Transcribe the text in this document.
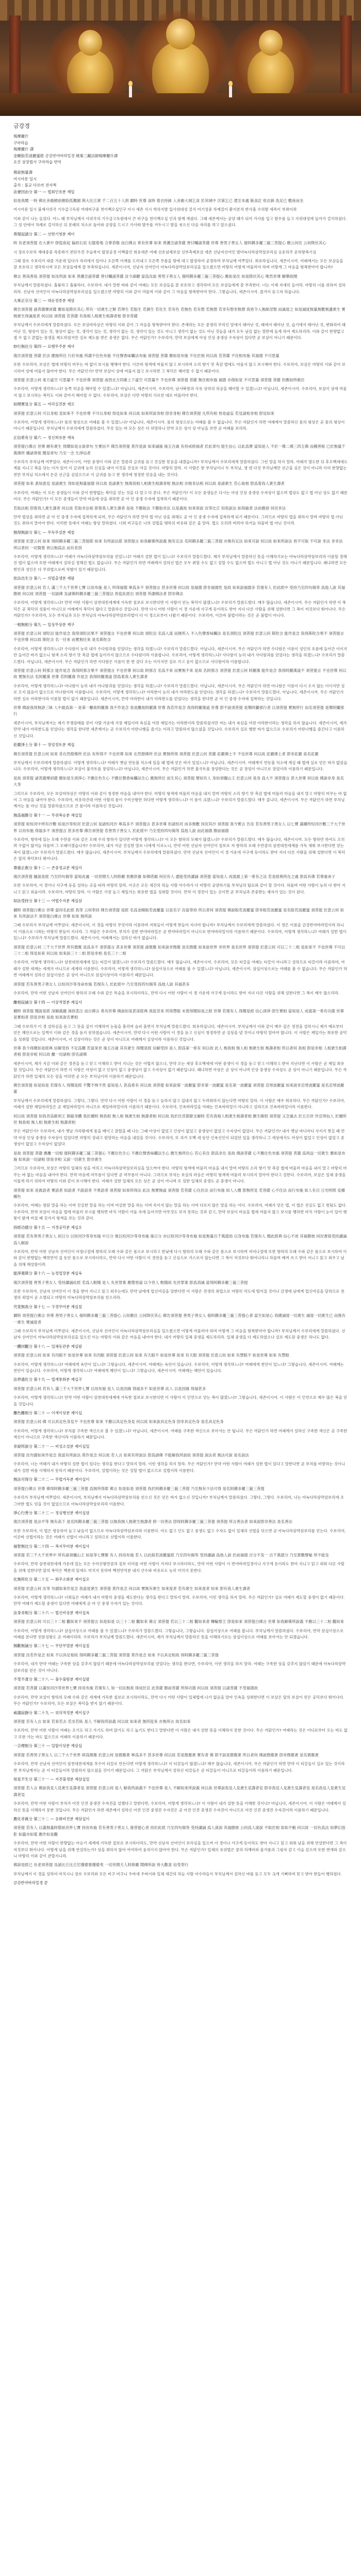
금강경
鳩摩羅什
구마라습
鳩摩羅什 譯
金剛般若波羅蜜經 금강반야바라밀경 姚秦三藏法師鳩摩羅什譯
요진 삼장법사 구마라습 번역
佛說無量壽
여시아문 일시
출처 : 불교 다르마 전자책

法會因由分 第一 — 법회인유분 제일

如是我聞 一時 佛在舍衛國祇樹給孤獨園 與大比丘衆 千二百五十人俱 爾時 世尊 食時 着衣持鉢 入舍衛大城乞食 於其城中 次第乞已 還至本處 飯食訖 收衣鉢 洗足已 敷座而坐

여시아문 일시 불재사위국 기수급고독원 여대비구중 천이백오십인구 이시 세존 식시 착의지발 입사위대성 걸식 어기성중 차제걸이 환지본처 반사흘 수의발 세족이 부좌이좌

이와 같이 나는 들었다. 어느 때 부처님께서 사위국의 기수급고독원에서 큰 비구들 천이백오십 인과 함께 계셨다. 그때 세존께서는 공양 때가 되어 가사를 입고 발우를 들고 사위대성에 들어가 걸식하셨다. 그 성 안에서 차례로 걸식하신 뒤 본래의 처소로 돌아와 공양을 드시고 가사와 발우를 거두시고 발을 씻으신 다음 자리를 펴고 앉으셨다.

善現起請分 第二 — 선현기청분 제이

時 長老須菩提 在大衆中 卽從座起 偏袒右肩 右膝着地 合掌恭敬 而白佛言 希有世尊 如來 善護念諸菩薩 善付囑諸菩薩 世尊 善男子善女人 發阿耨多羅三藐三菩提心 應云何住 云何降伏其心

시 장로수보리 재대중중 즉종좌기 편단우견 우슬착지 합장공경 이백불언 희유세존 여래 선호념제보살 선부촉제보살 세존 선남자선여인 발아뇩다라삼먁삼보리심 응운하주 운하항복기심

그때 장로 수보리가 대중 가운데 있다가 자리에서 일어나 오른쪽 어깨를 드러내고 오른쪽 무릎을 땅에 대고 합장하여 공경하며 부처님께 여쭈었다. 희유하십니다, 세존이시여. 여래께서는 모든 보살들을 잘 보호하고 생각하시며 모든 보살들에게 잘 부촉하십니다. 세존이시여, 선남자 선여인이 아뇩다라삼먁삼보리심을 일으켰으면 마땅히 어떻게 머물러야 하며 어떻게 그 마음을 항복받아야 합니까?

佛言 善哉善哉 須菩提 如汝所說 如來 善護念諸菩薩 善付囑諸菩薩 汝今諦聽 當爲汝說 善男子善女人 發阿耨多羅三藐三菩提心 應如是住 如是降伏其心 唯然世尊 願樂欲聞

부처님께서 말씀하셨다. 훌륭하고 훌륭하다, 수보리야. 네가 말한 바와 같이 여래는 모든 보살들을 잘 보호하고 생각하며 모든 보살들에게 잘 부촉한다. 너는 이제 자세히 들어라. 마땅히 너를 위하여 설하리라. 선남자 선여인이 아뇩다라삼먁삼보리심을 일으켰으면 마땅히 이와 같이 머물며 이와 같이 그 마음을 항복받아야 한다. 그렇습니다, 세존이시여. 즐거이 듣고자 하옵니다.

大乘正宗分 第三 — 대승정종분 제삼

佛告須菩提 諸菩薩摩訶薩 應如是降伏其心 所有一切衆生之類 若卵生 若胎生 若濕生 若化生 若有色 若無色 若有想 若無想 若非有想非無想 我皆令入無餘涅槃 而滅度之 如是滅度無量無數無邊衆生 實無衆生得滅度者 何以故 須菩提 若菩薩 有我相人相衆生相壽者相 卽非菩薩

부처님께서 수보리에게 말씀하셨다. 모든 보살마하살은 마땅히 이와 같이 그 마음을 항복받아야 한다. 존재하는 모든 중생의 무리인 알에서 태어난 것, 태에서 태어난 것, 습기에서 태어난 것, 변화하여 태어난 것, 형상이 있는 것, 형상이 없는 것, 생각이 있는 것, 생각이 없는 것, 생각이 있는 것도 아니고 생각이 없는 것도 아닌 것들을 내가 모두 남김 없는 열반에 들게 하여 제도하리라. 이와 같이 한량없고 셀 수 없고 끝없는 중생을 제도하였지만 실로 제도를 받은 중생은 없다. 무슨 까닭인가? 수보리야, 만약 보살에게 아상 인상 중생상 수자상이 있다면 곧 보살이 아니기 때문이다.

妙行無住分 第四 — 묘행무주분 제사

復次須菩提 菩薩 於法 應無所住 行於布施 所謂不住色布施 不住聲香味觸法布施 須菩提 菩薩 應如是布施 不住於相 何以故 若菩薩 不住相布施 其福德 不可思量

또한 수보리야, 보살은 법에 마땅히 머무는 바 없이 보시를 행해야 한다. 이른바 형색에 머물지 않고 보시하며 소리 향기 맛 촉감 법에도 머물지 않고 보시해야 한다. 수보리야, 보살은 마땅히 이와 같이 보시하여 상에 머물지 않아야 한다. 무슨 까닭인가? 만약 보살이 상에 머물지 않고 보시하면 그 복덕은 헤아릴 수 없기 때문이다.

須菩提 於意云何 東方虛空 可思量不 不也世尊 須菩提 南西北方四維上下虛空 可思量不 不也世尊 須菩提 菩薩 無住相布施 福德 亦復如是 不可思量 須菩提 菩薩 但應如所敎住

수보리야, 어떻게 생각하느냐? 동쪽 허공을 헤아릴 수 있겠느냐? 아닙니다, 세존이시여. 수보리야, 남서북방과 사유 상하의 허공을 헤아릴 수 있겠느냐? 아닙니다, 세존이시여. 수보리야, 보살이 상에 머물지 않고 보시하는 복덕도 이와 같아서 헤아릴 수 없다. 수보리야, 보살은 다만 마땅히 가르친 대로 머물러야 한다.

如理實見分 第五 — 여리실견분 제오

須菩提 於意云何 可以身相 見如來不 不也世尊 不可以身相 得見如來 何以故 如來所說身相 卽非身相 佛告須菩提 凡所有相 皆是虛妄 若見諸相非相 卽見如來

수보리야, 어떻게 생각하느냐? 몸의 형상으로 여래를 볼 수 있겠느냐? 아닙니다, 세존이시여. 몸의 형상으로는 여래를 볼 수 없습니다. 무슨 까닭인가 하면 여래께서 말씀하신 몸의 형상은 곧 몸의 형상이 아니기 때문입니다. 부처님께서 수보리에게 말씀하셨다. 무릇 있는 바 모든 상은 다 허망하니 만약 모든 상이 상 아님을 보면 곧 여래를 보리라.

正信希有分 第六 — 정신희유분 제육

須菩提白佛言 世尊 頗有衆生 得聞如是言說章句 生實信不 佛告須菩提 莫作是說 如來滅後 後五百歲 有持戒修福者 於此章句 能生信心 以此爲實 當知是人 不於一佛二佛三四五佛 而種善根 已於無量千萬佛所 種諸善根 聞是章句 乃至一念 生淨信者

수보리가 부처님께 여쭈었다. 세존이시여, 어떤 중생이 이와 같은 말씀과 글귀를 듣고 진실한 믿음을 내겠습니까? 부처님께서 수보리에게 말씀하셨다. 그런 말을 하지 말라. 여래가 멸도한 뒤 후오백세에도 계를 지니고 복을 닦는 이가 있어 이 글귀에 능히 신심을 내어 이것을 진실로 여길 것이다. 마땅히 알라. 이 사람은 한 부처님이나 두 부처님, 셋 넷 다섯 부처님께만 선근을 심은 것이 아니라 이미 한량없는 천만 부처님 처소에서 온갖 선근을 심었으므로 이 글귀를 듣고 한 생각에 청정한 믿음을 내는 것이다.

須菩提 如來 悉知悉見 是諸衆生 得如是無量福德 何以故 是諸衆生 無復我相人相衆生相壽者相 無法相 亦無非法相 何以故 是諸衆生 若心取相 卽爲着我人衆生壽者

수보리야, 여래는 이 모든 중생들이 이와 같이 한량없는 복덕을 얻는 것을 다 알고 다 본다. 무슨 까닭인가? 이 모든 중생들은 다시는 아상 인상 중생상 수자상이 없으며 법상도 없고 법 아닌 상도 없기 때문이다. 무슨 까닭인가? 이 모든 중생들이 만약 마음에 상을 취하면 곧 아 인 중생 수자에 집착하기 때문이다.

若取法相 卽着我人衆生壽者 何以故 若取非法相 卽着我人衆生壽者 是故 不應取法 不應取非法 以是義故 如來常說 汝等比丘 知我說法 如筏喩者 法尙應捨 何況非法

만약 법상을 취하면 곧 아 인 중생 수자에 집착하게 되며, 무슨 까닭인가 하면 만약 법 아닌 상을 취해도 곧 아 인 중생 수자에 집착하게 되기 때문이다. 그러므로 마땅히 법을 취하지 말며 마땅히 법 아닌 것도 취하지 말아야 한다. 이러한 뜻에서 여래는 항상 말하였다. 너희 비구들은 나의 설법을 뗏목의 비유와 같은 줄 알라. 법도 오히려 버려야 하거늘 하물며 법 아닌 것이랴.

無得無說分 第七 — 무득무설분 제칠

須菩提 於意云何 如來 得阿耨多羅三藐三菩提耶 如來 有所說法耶 須菩提言 如我解佛所說義 無有定法 名阿耨多羅三藐三菩提 亦無有定法 如來可說 何以故 如來所說法 皆不可取 不可說 非法 非非法 所以者何 一切賢聖 皆以無爲法 而有差別

수보리야, 어떻게 생각하느냐? 여래가 아뇩다라삼먁삼보리를 얻었느냐? 여래가 설한 법이 있느냐? 수보리가 말씀드렸다. 제가 부처님께서 말씀하신 뜻을 이해하기로는 아뇩다라삼먁삼보리라 이름할 정해진 법이 없으며 또한 여래께서 설하실 정해진 법도 없습니다. 무슨 까닭인가 하면 여래께서 설하신 법은 모두 취할 수도 없고 설할 수도 없으며 법도 아니고 법 아닌 것도 아니기 때문입니다. 왜냐하면 모든 현인과 성인은 다 무위법으로써 차별이 있기 때문입니다.

依法出生分 第八 — 의법출생분 제팔

須菩提 於意云何 若人 滿三千大千世界七寶 以用布施 是人 所得福德 寧爲多不 須菩提言 甚多世尊 何以故 是福德 卽非福德性 是故 如來說福德多 若復有人 於此經中 受持乃至四句偈等 爲他人說 其福勝彼 何以故 須菩提 一切諸佛 及諸佛阿耨多羅三藐三菩提法 皆從此經出 須菩提 所謂佛法者 卽非佛法

수보리야, 어떻게 생각하느냐? 만약 어떤 사람이 삼천대천세계에 가득한 칠보로 보시한다면 이 사람이 얻는 복덕이 많겠느냐? 수보리가 말씀드렸다. 매우 많습니다, 세존이시여. 무슨 까닭인가 하면 이 복덕은 곧 복덕의 성품이 아니므로 여래께서 복덕이 많다고 말씀하신 것입니다. 만약 다시 어떤 사람이 이 경 가운데 사구게 등이라도 받아 지녀 다른 사람을 위해 설한다면 그 복이 저것보다 뛰어나다. 무슨 까닭인가? 수보리야, 모든 부처님과 모든 부처님의 아뇩다라삼먁삼보리법이 다 이 경으로부터 나왔기 때문이다. 수보리야, 이른바 불법이라는 것은 곧 불법이 아니다.

一相無相分 第九 — 일상무상분 제구

須菩提 於意云何 須陀洹 能作是念 我得須陀洹果不 須菩提言 不也世尊 何以故 須陀洹 名爲入流 而無所入 不入色聲香味觸法 是名須陀洹 須菩提 於意云何 斯陀含 能作是念 我得斯陀含果不 須菩提言 不也世尊 何以故 斯陀含 名一往來 而實無往來 是名斯陀含

수보리야, 어떻게 생각하느냐? 수다원이 능히 내가 수다원과를 얻었다는 생각을 하겠느냐? 수보리가 말씀드렸다. 아닙니다, 세존이시여. 무슨 까닭인가 하면 수다원은 이름이 성인의 흐름에 들어간 이이지만 들어간 바가 없으니 형색 소리 향기 맛 촉감 법에 들어가지 않으므로 수다원이라 이름합니다. 수보리야, 어떻게 생각하느냐? 사다함이 능히 내가 사다함과를 얻었다는 생각을 하겠느냐? 수보리가 말씀드렸다. 아닙니다, 세존이시여. 무슨 까닭인가 하면 사다함은 이름이 한 번 갔다 오는 이이지만 실로 가고 옴이 없으므로 사다함이라 이름합니다.

須菩提 於意云何 阿那含 能作是念 我得阿那含果不 須菩提言 不也世尊 何以故 阿那含 名爲不來 而實無不來 是故 名阿那含 須菩提 於意云何 阿羅漢 能作是念 我得阿羅漢道不 須菩提言 不也世尊 何以故 實無有法 名阿羅漢 世尊 若阿羅漢 作是念 我得阿羅漢道 卽爲着我人衆生壽者

수보리야, 어떻게 생각하느냐? 아나함이 능히 내가 아나함과를 얻었다는 생각을 하겠느냐? 수보리가 말씀드렸다. 아닙니다, 세존이시여. 무슨 까닭인가 하면 아나함은 이름이 다시 오지 않는 이이지만 실로 오지 않음이 없으므로 아나함이라 이름합니다. 수보리야, 어떻게 생각하느냐? 아라한이 능히 내가 아라한도를 얻었다는 생각을 하겠느냐? 수보리가 말씀드렸다. 아닙니다, 세존이시여. 무슨 까닭인가 하면 실로 아라한이라 이름할 법이 없기 때문입니다. 세존이시여, 만약 아라한이 내가 아라한도를 얻었다는 생각을 한다면 곧 아 인 중생 수자에 집착하는 것입니다.

世尊 佛說我得無諍三昧 人中最爲第一 是第一離欲阿羅漢 我不作是念 我是離欲阿羅漢 世尊 我若作是念 我得阿羅漢道 世尊 卽不說須菩提 是樂阿蘭那行者 以須菩提 實無所行 而名須菩提 是樂阿蘭那行

세존이시여, 부처님께서는 제가 무쟁삼매를 얻어 사람 가운데 가장 제일이며 욕심을 여읜 제일가는 아라한이라 말씀하셨지만 저는 내가 욕심을 여읜 아라한이라는 생각을 하지 않습니다. 세존이시여, 제가 만약 내가 아라한도를 얻었다는 생각을 한다면 세존께서는 곧 수보리가 아란나행을 즐기는 이라고 말씀하지 않으셨을 것입니다. 수보리가 실로 행한 바가 없으므로 수보리가 아란나행을 즐긴다고 이름하신 것입니다.

莊嚴淨土分 第十 — 장엄정토분 제십

佛告須菩提 於意云何 如來 昔在然燈佛所 於法 有所得不 不也世尊 如來 在然燈佛所 於法 實無所得 須菩提 於意云何 菩薩 莊嚴佛土不 不也世尊 何以故 莊嚴佛土者 卽非莊嚴 是名莊嚴

부처님께서 수보리에게 말씀하셨다. 어떻게 생각하느냐? 여래가 옛날 연등불 처소에 있을 때 법에 얻은 바가 있었느냐? 아닙니다, 세존이시여. 여래께서 연등불 처소에 계실 때 법에 실로 얻은 바가 없었습니다. 수보리야, 어떻게 생각하느냐? 보살이 불국토를 장엄하느냐? 아닙니다, 세존이시여. 무슨 까닭인가 하면 불국토를 장엄한다는 것은 곧 장엄이 아니므로 장엄이라 이름하기 때문입니다.

是故 須菩提 諸菩薩摩訶薩 應如是生淸淨心 不應住色生心 不應住聲香味觸法生心 應無所住 而生其心 須菩提 譬如有人 身如須彌山王 於意云何 是身 爲大不 須菩提言 甚大世尊 何以故 佛說非身 是名大身

그러므로 수보리야, 모든 보살마하살은 마땅히 이와 같이 청정한 마음을 내어야 한다. 마땅히 형색에 머물러 마음을 내지 말며 마땅히 소리 향기 맛 촉감 법에 머물러 마음을 내지 말고 마땅히 머무는 바 없이 그 마음을 내어야 한다. 수보리야, 비유하건대 어떤 사람의 몸이 수미산왕만 하다면 어떻게 생각하느냐? 이 몸이 크겠느냐? 수보리가 말씀드렸다. 매우 큽니다, 세존이시여. 무슨 까닭인가 하면 부처님께서는 몸 아닌 것을 말씀하셨으므로 큰 몸이라 이름하신 것입니다.

無爲福勝分 第十一 — 무위복승분 제십일

須菩提 如恒河中所有沙數 如是沙等恒河 於意云何 是諸恒河沙 寧爲多不 須菩提言 甚多世尊 但諸恒河 尙多無數 何況其沙 須菩提 我今實言 告汝 若有善男子善女人 以七寶 滿爾所恒河沙數三千大千世界 以用布施 得福多不 須菩提言 甚多世尊 佛告須菩提 若善男子善女人 於此經中 乃至受持四句偈等 爲他人說 而此福德 勝前福德

수보리야, 항하에 있는 모래 수만큼 이와 같은 모래 수의 항하가 있다면 어떻게 생각하느냐? 이 모든 항하의 모래가 많겠느냐? 수보리가 말씀드렸다. 매우 많습니다, 세존이시여. 모든 항하만 하여도 오히려 수없이 많거늘 하물며 그 모래이겠습니까? 수보리야, 내가 지금 진실한 말로 너에게 이르노니, 만약 어떤 선남자 선여인이 칠보로 저 항하의 모래 수만큼의 삼천대천세계를 가득 채워 보시한다면 얻는 복이 많겠느냐? 수보리가 말씀드렸다. 매우 많습니다, 세존이시여. 부처님께서 수보리에게 말씀하셨다. 만약 선남자 선여인이 이 경 가운데 사구게 등이라도 받아 지녀 다른 사람을 위해 설한다면 이 복덕은 앞의 복덕보다 뛰어나다.

尊重正敎分 第十二 — 존중정교분 제십이

復次須菩提 隨說是經 乃至四句偈等 當知此處 一切世間天人阿修羅 皆應供養 如佛塔廟 何況有人 盡能受持讀誦 須菩提 當知是人 成就最上第一希有之法 若是經典所在之處 卽爲有佛 若尊重弟子

또한 수보리야, 이 경이나 사구게 등을 설하는 곳을 따라 마땅히 알라. 이곳은 모든 세간의 하늘 사람 아수라가 다 마땅히 공양하기를 부처님의 탑묘와 같이 할 것이다. 하물며 어떤 사람이 능히 다 받아 지니고 읽고 외움이랴. 수보리야, 마땅히 알라. 이 사람은 가장 높고 제일가는 희유한 법을 성취할 것이다. 만약 이 경전이 있는 곳이면 곧 부처님과 존중받는 제자가 있는 것이 된다.

如法受持分 第十三 — 여법수지분 제십삼

爾時 須菩提白佛言 世尊 當何名此經 我等 云何奉持 佛告須菩提 是經 名爲金剛般若波羅蜜 以是名字 汝當奉持 所以者何 須菩提 佛說般若波羅蜜 卽非般若波羅蜜 是名般若波羅蜜 須菩提 於意云何 如來 有所說法不 須菩提白佛言 世尊 如來 無所說

그때 수보리가 부처님께 여쭈었다. 세존이시여, 이 경을 마땅히 무엇이라 이름하며 저희들이 어떻게 받들어 지녀야 합니까? 부처님께서 수보리에게 말씀하셨다. 이 경은 이름을 금강반야바라밀이라 하니 이 이름으로 너희는 마땅히 받들어 지녀라. 그 까닭은 수보리야, 부처가 설한 반야바라밀은 곧 반야바라밀이 아니므로 반야바라밀이라 이름하기 때문이다. 수보리야, 어떻게 생각하느냐? 여래가 설한 법이 있느냐? 수보리가 부처님께 말씀드렸다. 세존이시여, 여래께서는 설하신 바가 없습니다.

須菩提 於意云何 三千大千世界 所有微塵 是爲多不 須菩提言 甚多世尊 須菩提 諸微塵 如來說非微塵 是名微塵 如來說世界 非世界 是名世界 須菩提 於意云何 可以三十二相 見如來不 不也世尊 不可以三十二相 得見如來 何以故 如來說三十二相 卽是非相 是名三十二相

수보리야, 어떻게 생각하느냐? 삼천대천세계에 있는 티끌이 많겠느냐? 수보리가 말씀드렸다. 매우 많습니다, 세존이시여. 수보리야, 모든 티끌을 여래는 티끌이 아니라고 설하므로 티끌이라 이름하며, 여래가 설한 세계는 세계가 아니므로 세계라 이름한다. 수보리야, 어떻게 생각하느냐? 삼십이상으로 여래를 볼 수 있겠느냐? 아닙니다, 세존이시여. 삼십이상으로는 여래를 볼 수 없습니다. 무슨 까닭인가 하면 여래께서 설하신 삼십이상은 곧 상이 아니므로 삼십이상이라 이름하기 때문입니다.

須菩提 若有善男子善女人 以恒河沙等身命布施 若復有人 於此經中 乃至受持四句偈等 爲他人說 其福甚多

수보리야, 만약 어떤 선남자 선여인이 항하의 모래 수와 같은 목숨을 보시하더라도, 만약 다시 어떤 사람이 이 경 가운데 사구게 등이라도 받아 지녀 다른 사람을 위해 설한다면 그 복이 매우 많으리라.

離相寂滅分 第十四 — 이상적멸분 제십사

爾時 須菩提 聞說是經 深解義趣 涕淚悲泣 而白佛言 希有世尊 佛說如是甚深經典 我從昔來 所得慧眼 未曾得聞如是之經 世尊 若復有人 得聞是經 信心淸淨 卽生實相 當知是人 成就第一希有功德 世尊 是實相者 卽是非相 是故 如來說名實相

그때 수보리가 이 경 설하심을 듣고 그 뜻을 깊이 이해하여 눈물을 흘리며 슬피 울면서 부처님께 말씀드렸다. 희유하십니다, 세존이시여. 부처님께서 이와 같이 매우 깊은 경전을 설하시니 제가 예로부터 얻은 혜안으로는 일찍이 이와 같은 경을 듣지 못하였습니다. 세존이시여, 만약 다시 어떤 사람이 이 경을 듣고 신심이 청정하면 곧 실상을 낼 것이니 마땅히 알아야 합니다. 이 사람은 제일가는 희유한 공덕을 성취할 것입니다. 세존이시여, 이 실상이라는 것은 곧 상이 아니므로 여래께서 실상이라 이름하신 것입니다.

世尊 我今得聞如是經典 信解受持 不足爲難 若當來世 後五百歲 其有衆生 得聞是經 信解受持 是人 卽爲第一希有 何以故 此人 無我相 無人相 無衆生相 無壽者相 所以者何 我相 卽是非相 人相衆生相壽者相 卽是非相 何以故 離一切諸相 卽名諸佛

세존이시여, 제가 지금 이와 같은 경전을 듣고 믿고 이해하고 받아 지니는 것은 어렵지 않으나, 만약 오는 세상 후오백세에 어떤 중생이 이 경을 듣고 믿고 이해하고 받아 지닌다면 이 사람은 곧 제일 희유할 것입니다. 무슨 까닭인가 하면 이 사람은 아상이 없고 인상이 없고 중생상이 없고 수자상이 없기 때문입니다. 왜냐하면 아상은 곧 상이 아니며 인상 중생상 수자상도 곧 상이 아니기 때문입니다. 무슨 까닭인가 하면 일체의 모든 상을 여의면 곧 모든 부처님이라 이름하기 때문입니다.

佛告須菩提 如是如是 若復有人 得聞是經 不驚不怖不畏 當知是人 甚爲希有 何以故 須菩提 如來說第一波羅蜜 卽非第一波羅蜜 是名第一波羅蜜 須菩提 忍辱波羅蜜 如來說非忍辱波羅蜜 是名忍辱波羅蜜

부처님께서 수보리에게 말씀하셨다. 그렇다, 그렇다. 만약 다시 어떤 사람이 이 경을 듣고 놀라지 않고 겁내지 않고 두려워하지 않는다면 마땅히 알라. 이 사람은 매우 희유하다. 무슨 까닭인가? 수보리야, 여래가 설한 제일바라밀은 곧 제일바라밀이 아니므로 제일바라밀이라 이름하기 때문이다. 수보리야, 인욕바라밀을 여래는 인욕바라밀이 아니라고 설하므로 인욕바라밀이라 이름한다.

何以故 須菩提 如我昔爲歌利王 割截身體 我於爾時 無我相 無人相 無衆生相 無壽者相 何以故 我於往昔節節支解時 若有我相人相衆生相壽者相 應生瞋恨 須菩提 又念過去 於五百世 作忍辱仙人 於爾所世 無我相 無人相 無衆生相 無壽者相

무슨 까닭인가? 수보리야, 내가 옛날 가리왕에게 몸을 베이고 잘렸을 때 나는 그때 아상이 없었고 인상이 없었고 중생상이 없었고 수자상이 없었다. 무슨 까닭인가? 내가 옛날 마디마디 사지가 찢길 때 만약 아상 인상 중생상 수자상이 있었다면 마땅히 성내고 원망하는 마음을 내었을 것이다. 수보리야, 또 과거 오백 세 동안 인욕선인이 되었던 일을 생각하니 그 세상에서도 아상이 없었고 인상이 없었고 중생상이 없었고 수자상이 없었다.

是故 須菩提 菩薩 應離一切相 發阿耨多羅三藐三菩提心 不應住色生心 不應住聲香味觸法生心 應生無所住心 若心有住 卽爲非住 是故 佛說菩薩 心不應住色布施 須菩提 菩薩 爲利益一切衆生 應如是布施 如來說一切諸相 卽是非相 又說一切衆生 卽非衆生

그러므로 수보리야, 보살은 마땅히 일체의 상을 여의고 아뇩다라삼먁삼보리심을 일으켜야 한다. 마땅히 형색에 머물러 마음을 내지 말며 마땅히 소리 향기 맛 촉감 법에 머물러 마음을 내지 말고 마땅히 머무는 바 없는 마음을 내어야 한다. 만약 마음에 머무름이 있다면 곧 머무름이 아니다. 그러므로 부처는 보살의 마음은 마땅히 형색에 머물러 보시하지 말아야 한다고 설한다. 수보리야, 보살은 일체 중생을 이롭게 하기 위하여 마땅히 이와 같이 보시해야 한다. 여래가 설한 일체의 모든 상은 곧 상이 아니며 또 설한 일체의 중생도 곧 중생이 아니다.

須菩提 如來 是眞語者 實語者 如語者 不誑語者 不異語者 須菩提 如來所得法 此法 無實無虛 須菩提 若菩薩 心住於法 而行布施 如人入闇 卽無所見 若菩薩 心不住法 而行布施 如人有目 日光明照 見種種色

수보리야, 여래는 참된 말을 하는 이며 진실한 말을 하는 이며 여실한 말을 하는 이며 속이지 않는 말을 하는 이며 다르지 않은 말을 하는 이다. 수보리야, 여래가 얻은 법, 이 법은 진실도 없고 헛됨도 없다. 수보리야, 만약 보살이 마음을 법에 머물러 보시를 행하면 마치 사람이 어둠 속에 들어가면 아무것도 보지 못하는 것과 같고, 만약 보살이 마음을 법에 머물지 않고 보시를 행하면 마치 사람이 눈이 있어 햇빛이 밝게 비칠 때 갖가지 형색을 보는 것과 같다.

持經功德分 第十五 — 지경공덕분 제십오

須菩提 若有善男子善女人 初日分 以恒河沙等身布施 中日分 復以恒河沙等身布施 後日分 亦以恒河沙等身布施 如是無量百千萬億劫 以身布施 若復有人 聞此經典 信心不逆 其福勝彼 何況書寫受持讀誦 爲人解說

수보리야, 만약 어떤 선남자 선여인이 아침나절에 항하의 모래 수와 같은 몸으로 보시하고 한낮에 다시 항하의 모래 수와 같은 몸으로 보시하며 저녁나절에 또한 항하의 모래 수와 같은 몸으로 보시하여 이와 같이 한량없는 백천만억 겁 동안 몸으로 보시하더라도, 만약 다시 어떤 사람이 이 경전을 듣고 신심으로 거스르지 않는다면 그 복이 저것보다 뛰어나리니 하물며 베껴 쓰고 받아 지니고 읽고 외우고 남을 위해 해설함이랴.

能淨業障分 第十六 — 능정업장분 제십육

復次須菩提 善男子善女人 受持讀誦此經 若爲人輕賤 是人 先世罪業 應墮惡道 以今世人 輕賤故 先世罪業 卽爲消滅 當得阿耨多羅三藐三菩提

또한 수보리야, 선남자 선여인이 이 경을 받아 지니고 읽고 외우는데도 만약 남에게 업신여김을 당한다면 이 사람은 전생의 죄업으로 마땅히 악도에 떨어질 것이나 금생에 남에게 업신여김을 당하므로 전생의 죄업이 곧 소멸되고 마땅히 아뇩다라삼먁삼보리를 얻으리라.

究竟無我分 第十七 — 구경무아분 제십칠

爾時 須菩提白佛言 世尊 善男子善女人 發阿耨多羅三藐三菩提心 云何應住 云何降伏其心 佛告須菩提 善男子善女人 發阿耨多羅三藐三菩提心者 當生如是心 我應滅度一切衆生 滅度一切衆生已 而無有一衆生 實滅度者

그때 수보리가 부처님께 여쭈었다. 세존이시여, 선남자 선여인이 아뇩다라삼먁삼보리심을 일으켰으면 어떻게 머물러야 하며 어떻게 그 마음을 항복받아야 합니까? 부처님께서 수보리에게 말씀하셨다. 선남자 선여인이 아뇩다라삼먁삼보리심을 일으킨 이는 마땅히 이와 같은 마음을 내어야 한다. 내가 마땅히 일체 중생을 제도하리라. 일체 중생을 다 제도하였으나 실로 제도된 중생은 하나도 없다.

一體同觀分 第十八 — 일체동관분 제십팔

須菩提 於意云何 如來 有肉眼不 如是世尊 如來 有肉眼 須菩提 於意云何 如來 有天眼不 如是世尊 如來 有天眼 須菩提 於意云何 如來 有慧眼不 如是世尊 如來 有慧眼

수보리야, 어떻게 생각하느냐? 여래에게 육안이 있느냐? 그렇습니다, 세존이시여. 여래께는 육안이 있습니다. 수보리야, 어떻게 생각하느냐? 여래에게 천안이 있느냐? 그렇습니다, 세존이시여. 여래께는 천안이 있습니다. 수보리야, 어떻게 생각하느냐? 여래에게 혜안이 있느냐? 그렇습니다, 세존이시여. 여래께는 혜안이 있습니다.

法界通化分 第十九 — 법계통화분 제십구

須菩提 於意云何 若有人 滿三千大千世界七寶 以用布施 是人 以是因緣 得福多不 如是世尊 此人 以是因緣 得福甚多

수보리야, 어떻게 생각하느냐? 만약 어떤 사람이 삼천대천세계에 가득한 칠보로 보시한다면 이 사람이 이 인연으로 얻는 복이 많겠느냐? 그렇습니다, 세존이시여. 이 사람은 이 인연으로 매우 많은 복을 얻을 것입니다.

離色離相分 第二十 — 이색이상분 제이십

須菩提 於意云何 佛 可以具足色身見不 不也世尊 如來 不應以具足色身見 何以故 如來說具足色身 卽非具足色身 是名具足色身

수보리야, 어떻게 생각하느냐? 부처를 구족한 색신으로 볼 수 있겠느냐? 아닙니다, 세존이시여. 여래를 구족한 색신으로 보아서는 안 됩니다. 무슨 까닭인가 하면 여래께서 설하신 구족한 색신은 곧 구족한 색신이 아니므로 구족한 색신이라 이름하기 때문입니다.

非說所說分 第二十一 — 비설소설분 제이십일

須菩提 汝勿謂如來作是念 我當有所說法 莫作是念 何以故 若人言 如來有所說法 卽爲謗佛 不能解我所說故 須菩提 說法者 無法可說 是名說法

수보리야, 너는 여래가 내가 마땅히 설한 법이 있다는 생각을 한다고 말하지 말라. 이런 생각을 하지 말라. 무슨 까닭인가? 만약 어떤 사람이 여래가 설한 법이 있다고 말한다면 곧 부처를 비방하는 것이니 내가 설한 바를 이해하지 못하기 때문이다. 수보리야, 설법이라는 것은 설할 법이 없으므로 설법이라 이름한다.

無法可得分 第二十二 — 무법가득분 제이십이

須菩提白佛言 世尊 佛得阿耨多羅三藐三菩提 爲無所得耶 佛言 如是如是 須菩提 我於阿耨多羅三藐三菩提 乃至無有少法可得 是名阿耨多羅三藐三菩提

수보리가 부처님께 여쭈었다. 세존이시여, 부처님께서 아뇩다라삼먁삼보리를 얻으신 것은 얻은 바가 없으신 것입니까? 부처님께서 말씀하셨다. 그렇다, 그렇다. 수보리야, 나는 아뇩다라삼먁삼보리에 조그마한 법도 얻을 것이 없었으므로 아뇩다라삼먁삼보리라 이름한다.

淨心行善分 第二十三 — 정심행선분 제이십삼

復次須菩提 是法平等 無有高下 是名阿耨多羅三藐三菩提 以無我無人無衆生無壽者 修一切善法 卽得阿耨多羅三藐三菩提 須菩提 所言善法者 如來說卽非善法 是名善法

또한 수보리야, 이 법은 평등하여 높고 낮음이 없으므로 아뇩다라삼먁삼보리라 이름한다. 아도 없고 인도 없고 중생도 없고 수자도 없이 일체의 선법을 닦으면 곧 아뇩다라삼먁삼보리를 얻는다. 수보리야, 이른바 선법이라는 것은 여래가 선법이 아니라고 설하므로 선법이라 이름한다.

福智無比分 第二十四 — 복지무비분 제이십사

須菩提 若三千大千世界中 所有諸須彌山王 如是等七寶聚 有人 持用布施 若人 以此般若波羅蜜經 乃至四句偈等 受持讀誦 爲他人說 於前福德 百分不及一 百千萬億分 乃至算數譬喩 所不能及

수보리야, 만약 삼천대천세계 가운데 있는 모든 수미산왕만큼의 칠보 더미를 어떤 사람이 가져다 보시하더라도, 만약 어떤 사람이 이 반야바라밀경이나 사구게 등이라도 받아 지니고 읽고 외워 다른 사람을 위해 설한다면 앞의 복덕은 백분의 일에도 미치지 못하며 백천만억분 내지 산수와 비유로도 능히 미치지 못한다.

化無所化分 第二十五 — 화무소화분 제이십오

須菩提 於意云何 汝等 勿謂如來作是念 我當度衆生 須菩提 莫作是念 何以故 實無有衆生 如來度者 若有衆生 如來度者 如來 卽有我人衆生壽者

수보리야, 어떻게 생각하느냐? 너희들은 여래가 내가 마땅히 중생을 제도한다는 생각을 한다고 말하지 말라. 수보리야, 이런 생각을 하지 말라. 무슨 까닭인가? 실로 여래가 제도할 중생이 없기 때문이다. 만약 여래가 제도할 중생이 있다면 여래에게 곧 아 인 중생 수자가 있는 것이다.

法身非相分 第二十六 — 법신비상분 제이십육

須菩提 於意云何 可以三十二相 觀如來不 須菩提言 如是如是 以三十二相 觀如來 佛言 須菩提 若以三十二相 觀如來者 轉輪聖王 卽是如來 須菩提白佛言 世尊 如我解佛所說義 不應以三十二相 觀如來

수보리야, 어떻게 생각하느냐? 삼십이상으로 여래를 볼 수 있겠느냐? 수보리가 말씀드렸다. 그렇습니다, 그렇습니다. 삼십이상으로 여래를 봅니다. 부처님께서 말씀하셨다. 수보리야, 만약 삼십이상으로 여래를 본다면 전륜성왕도 곧 여래이리라. 수보리가 부처님께 말씀드렸다. 세존이시여, 제가 부처님께서 말씀하신 뜻을 이해하기로는 삼십이상으로 여래를 보아서는 안 되겠습니다.

無斷無滅分 第二十七 — 무단무멸분 제이십칠

須菩提 汝若作是念 如來 不以具足相故 得阿耨多羅三藐三菩提 須菩提 莫作是念 如來 不以具足相故 得阿耨多羅三藐三菩提

수보리야, 네가 만약 여래는 구족한 상을 갖추지 않았기 때문에 아뇩다라삼먁삼보리를 얻었다는 생각을 한다면, 수보리야, 이런 생각을 하지 말라. 여래는 구족한 상을 갖추지 않았기 때문에 아뇩다라삼먁삼보리를 얻은 것이 아니다.

不受不貪分 第二十八 — 불수불탐분 제이십팔

須菩提 若菩薩 以滿恒河沙等世界七寶 持用布施 若復有人 知一切法無我 得成於忍 此菩薩 勝前菩薩 所得功德 何以故 須菩提 以諸菩薩 不受福德故

수보리야, 만약 보살이 항하의 모래 수와 같은 세계에 가득한 칠보로 보시하더라도, 만약 다시 어떤 사람이 일체법에 나가 없음을 알아 인욕을 성취한다면 이 보살은 앞의 보살이 얻은 공덕보다 뛰어나다. 무슨 까닭인가? 수보리야, 모든 보살은 복덕을 받지 않기 때문이다.

威儀寂靜分 第二十九 — 위의적정분 제이십구

須菩提 若有人言 如來 若來若去 若坐若臥 是人 不解我所說義 何以故 如來者 無所從來 亦無所去 故名如來

수보리야, 만약 어떤 사람이 여래는 오기도 하고 가기도 하며 앉기도 하고 눕기도 한다고 말한다면 이 사람은 내가 설한 뜻을 이해하지 못한 것이다. 무슨 까닭인가? 여래라는 것은 어디로부터 오는 바도 없고 또한 가는 바도 없으므로 여래라 이름하기 때문이다.

一合理相分 第三十 — 일합이상분 제삼십

須菩提 若善男子善女人 以三千大千世界 碎爲微塵 於意云何 是微塵衆 寧爲多不 甚多世尊 何以故 若是微塵衆 實有者 佛 卽不說是微塵衆 所以者何 佛說微塵衆 卽非微塵衆 是名微塵衆

수보리야, 만약 선남자 선여인이 삼천대천세계를 부수어 티끌로 만든다면 어떻게 생각하느냐? 이 티끌들이 많겠느냐? 매우 많습니다, 세존이시여. 무슨 까닭인가 하면 만약 이 티끌들이 실로 있는 것이라면 부처님께서는 곧 이 티끌들이라 말씀하지 않으셨을 것이기 때문입니다. 그 까닭은 부처님께서 설하신 티끌들은 곧 티끌들이 아니므로 티끌들이라 이름하기 때문입니다.

知見不生分 第三十一 — 지견불생분 제삼십일

須菩提 若人言 佛說我見人見衆生見壽者見 須菩提 於意云何 是人 解我所說義不 不也世尊 是人 不解如來所說義 何以故 世尊說我見人見衆生見壽者見 卽非我見人見衆生見壽者見 是名我見人見衆生見壽者見

수보리야, 만약 어떤 사람이 부처가 아견 인견 중생견 수자견을 설했다고 말한다면, 수보리야, 어떻게 생각하느냐? 이 사람이 내가 설한 뜻을 이해한 것이냐? 아닙니다, 세존이시여. 이 사람은 여래께서 설하신 뜻을 이해하지 못한 것입니다. 무슨 까닭인가 하면 세존께서 설하신 아견 인견 중생견 수자견은 곧 아견 인견 중생견 수자견이 아니므로 아견 인견 중생견 수자견이라 이름하기 때문입니다.

應化非眞分 第三十二 — 응화비진분 제삼십이

須菩提 若有人 以滿無量阿僧祇世界七寶 持用布施 若有善男子善女人 發菩提心者 持於此經 乃至四句偈等 受持讀誦 爲人演說 其福勝彼 云何爲人演說 不取於相 如如不動 何以故 一切有爲法 如夢幻泡影 如露亦如電 應作如是觀

수보리야, 만약 어떤 사람이 한량없는 아승기 세계에 가득한 칠보로 보시하더라도, 만약 선남자 선여인이 보리심을 일으켜 이 경이나 사구게 등이라도 받아 지니고 읽고 외워 남을 위해 연설한다면 그 복이 저것보다 뛰어나다. 어떻게 남을 위해 연설하는가? 상을 취하지 않아 여여하여 움직이지 않아야 한다. 무슨 까닭인가? 일체의 유위법은 꿈과 허깨비와 물거품과 그림자 같고 이슬 같으며 또한 번개와 같으니 마땅히 이와 같이 관할지니라.

佛說是經已 長老須菩提 及諸比丘比丘尼優婆塞優婆夷 一切世間天人阿修羅 聞佛所說 皆大歡喜 信受奉行

부처님께서 이 경을 설하여 마치시니 장로 수보리와 모든 비구 비구니 우바새 우바이와 일체 세간의 하늘 사람 아수라들이 부처님께서 설하신 바를 듣고 모두 크게 기뻐하며 믿고 받아 받들어 행하였다.

금강반야바라밀경 끝
